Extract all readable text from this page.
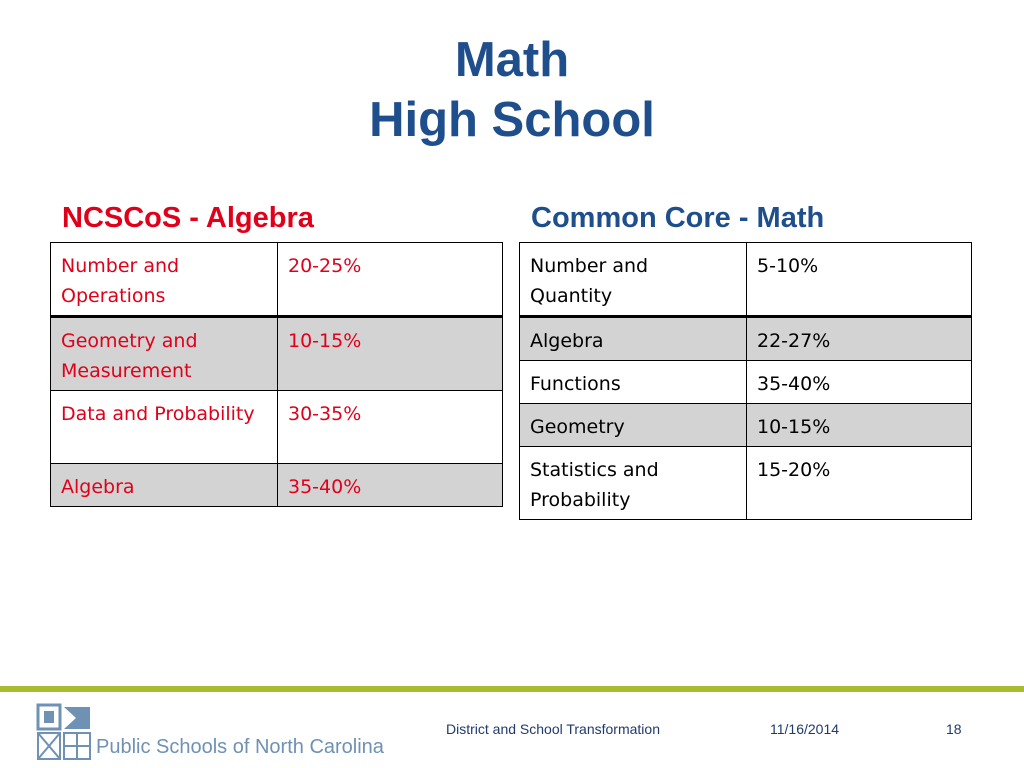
Math
High School
NCSCoS - Algebra	Common Core - Math
Number and Operations	20-25%
Geometry and Measurement	10-15%
Data and Probability	30-35%
Algebra	35-40%
Number and Quantity	5-10%
Algebra	22-27%
Functions	35-40%
Geometry	10-15%
Statistics and Probability	15-20%
Public Schools of North Carolina
District and School Transformation	11/16/2014	18
